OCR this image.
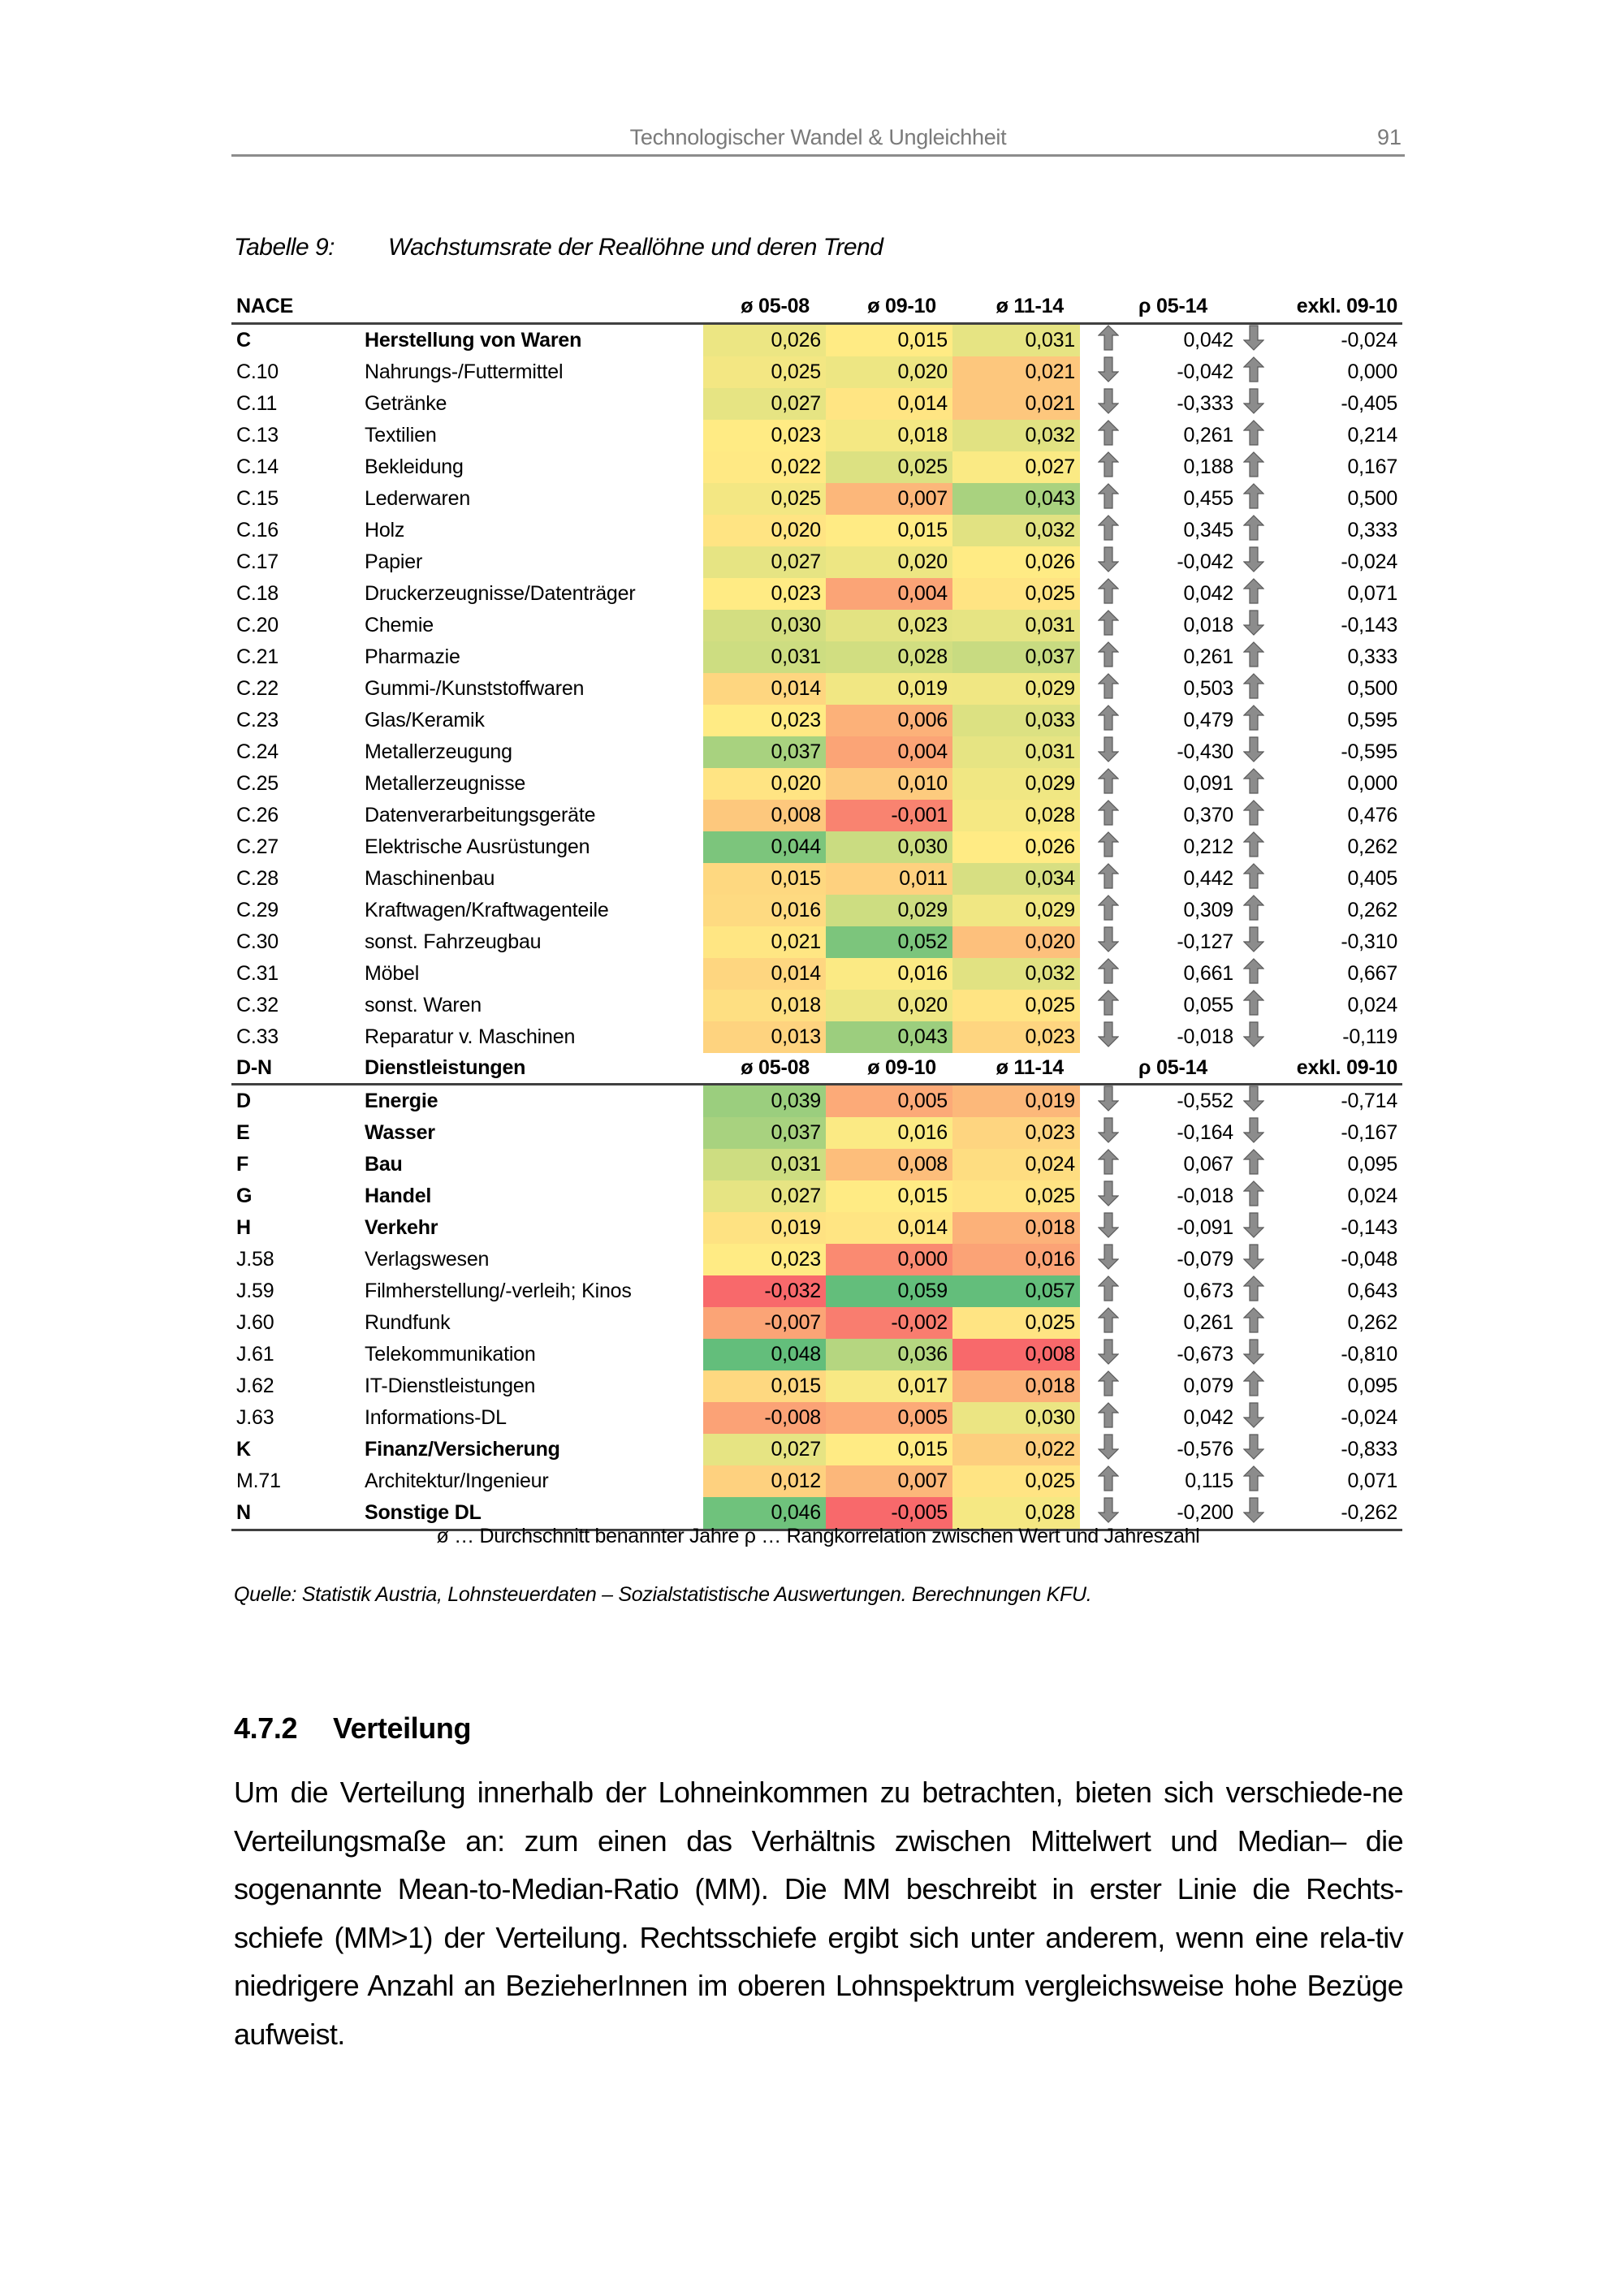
Technologischer Wandel & Ungleichheit	91
Tabelle 9: Wachstumsrate der Reallöhne und deren Trend
NACE		ø 05-08	ø 09-10	ø 11-14	ρ 05-14		exkl. 09-10	
C	Herstellung von Waren	0,026	0,015	0,031		0,042		-0,024
C.10	Nahrungs-/Futtermittel	0,025	0,020	0,021		-0,042		0,000
C.11	Getränke	0,027	0,014	0,021		-0,333		-0,405
C.13	Textilien	0,023	0,018	0,032		0,261		0,214
C.14	Bekleidung	0,022	0,025	0,027		0,188		0,167
C.15	Lederwaren	0,025	0,007	0,043		0,455		0,500
C.16	Holz	0,020	0,015	0,032		0,345		0,333
C.17	Papier	0,027	0,020	0,026		-0,042		-0,024
C.18	Druckerzeugnisse/Datenträger	0,023	0,004	0,025		0,042		0,071
C.20	Chemie	0,030	0,023	0,031		0,018		-0,143
C.21	Pharmazie	0,031	0,028	0,037		0,261		0,333
C.22	Gummi-/Kunststoffwaren	0,014	0,019	0,029		0,503		0,500
C.23	Glas/Keramik	0,023	0,006	0,033		0,479		0,595
C.24	Metallerzeugung	0,037	0,004	0,031		-0,430		-0,595
C.25	Metallerzeugnisse	0,020	0,010	0,029		0,091		0,000
C.26	Datenverarbeitungsgeräte	0,008	-0,001	0,028		0,370		0,476
C.27	Elektrische Ausrüstungen	0,044	0,030	0,026		0,212		0,262
C.28	Maschinenbau	0,015	0,011	0,034		0,442		0,405
C.29	Kraftwagen/Kraftwagenteile	0,016	0,029	0,029		0,309		0,262
C.30	sonst. Fahrzeugbau	0,021	0,052	0,020		-0,127		-0,310
C.31	Möbel	0,014	0,016	0,032		0,661		0,667
C.32	sonst. Waren	0,018	0,020	0,025		0,055		0,024
C.33	Reparatur v. Maschinen	0,013	0,043	0,023		-0,018		-0,119
D-N	Dienstleistungen	ø 05-08	ø 09-10	ø 11-14	ρ 05-14		exkl. 09-10	
D	Energie	0,039	0,005	0,019		-0,552		-0,714
E	Wasser	0,037	0,016	0,023		-0,164		-0,167
F	Bau	0,031	0,008	0,024		0,067		0,095
G	Handel	0,027	0,015	0,025		-0,018		0,024
H	Verkehr	0,019	0,014	0,018		-0,091		-0,143
J.58	Verlagswesen	0,023	0,000	0,016		-0,079		-0,048
J.59	Filmherstellung/-verleih; Kinos	-0,032	0,059	0,057		0,673		0,643
J.60	Rundfunk	-0,007	-0,002	0,025		0,261		0,262
J.61	Telekommunikation	0,048	0,036	0,008		-0,673		-0,810
J.62	IT-Dienstleistungen	0,015	0,017	0,018		0,079		0,095
J.63	Informations-DL	-0,008	0,005	0,030		0,042		-0,024
K	Finanz/Versicherung	0,027	0,015	0,022		-0,576		-0,833
M.71	Architektur/Ingenieur	0,012	0,007	0,025		0,115		0,071
N	Sonstige DL	0,046	-0,005	0,028		-0,200		-0,262
ø … Durchschnitt benannter Jahre ρ … Rangkorrelation zwischen Wert und Jahreszahl
Quelle: Statistik Austria, Lohnsteuerdaten – Sozialstatistische Auswertungen. Berechnungen KFU.
4.7.2 Verteilung
Um die Verteilung innerhalb der Lohneinkommen zu betrachten, bieten sich verschiede-ne Verteilungsmaße an: zum einen das Verhältnis zwischen Mittelwert und Median– die sogenannte Mean-to-Median-Ratio (MM). Die MM beschreibt in erster Linie die Rechts-schiefe (MM>1) der Verteilung. Rechtsschiefe ergibt sich unter anderem, wenn eine rela-tiv niedrigere Anzahl an BezieherInnen im oberen Lohnspektrum vergleichsweise hohe Bezüge aufweist.
